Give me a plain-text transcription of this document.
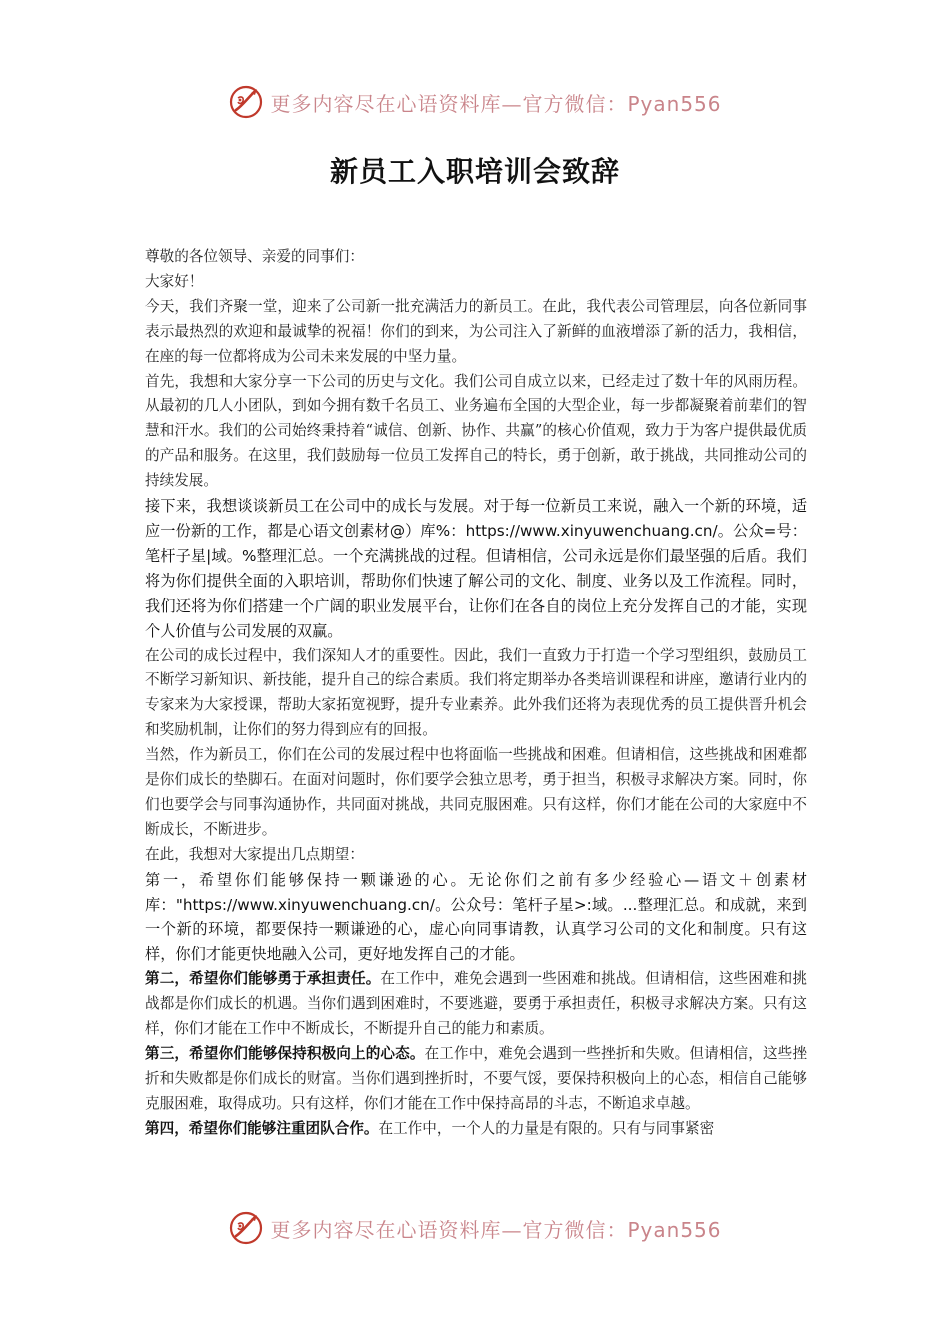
更多内容尽在心语资料库—官方微信：Pyan556
新员工入职培训会致辞

尊敬的各位领导、亲爱的同事们：

大家好！

今天，我们齐聚一堂，迎来了公司新一批充满活力的新员工。在此，我代表公司管理层，向各位新同事表示最热烈的欢迎和最诚挚的祝福！你们的到来，为公司注入了新鲜的血液增添了新的活力，我相信，在座的每一位都将成为公司未来发展的中坚力量。

首先，我想和大家分享一下公司的历史与文化。我们公司自成立以来，已经走过了数十年的风雨历程。从最初的几人小团队，到如今拥有数千名员工、业务遍布全国的大型企业，每一步都凝聚着前辈们的智慧和汗水。我们的公司始终秉持着“诚信、创新、协作、共赢”的核心价值观，致力于为客户提供最优质的产品和服务。在这里，我们鼓励每一位员工发挥自己的特长，勇于创新，敢于挑战，共同推动公司的持续发展。

接下来，我想谈谈新员工在公司中的成长与发展。对于每一位新员工来说，融入一个新的环境，适应一份新的工作，都是心语文创素材@）库%：https://www.xinyuwenchuang.cn/。公众=号：笔杆子星|域。%整理汇总。一个充满挑战的过程。但请相信，公司永远是你们最坚强的后盾。我们将为你们提供全面的入职培训，帮助你们快速了解公司的文化、制度、业务以及工作流程。同时，我们还将为你们搭建一个广阔的职业发展平台，让你们在各自的岗位上充分发挥自己的才能，实现个人价值与公司发展的双赢。

在公司的成长过程中，我们深知人才的重要性。因此，我们一直致力于打造一个学习型组织，鼓励员工不断学习新知识、新技能，提升自己的综合素质。我们将定期举办各类培训课程和讲座，邀请行业内的专家来为大家授课，帮助大家拓宽视野，提升专业素养。此外我们还将为表现优秀的员工提供晋升机会和奖励机制，让你们的努力得到应有的回报。

当然，作为新员工，你们在公司的发展过程中也将面临一些挑战和困难。但请相信，这些挑战和困难都是你们成长的垫脚石。在面对问题时，你们要学会独立思考，勇于担当，积极寻求解决方案。同时，你们也要学会与同事沟通协作，共同面对挑战，共同克服困难。只有这样，你们才能在公司的大家庭中不断成长，不断进步。

在此，我想对大家提出几点期望：

第一，希望你们能够保持一颗谦逊的心。无论你们之前有多少经验心—语文＋创素材库："https://www.xinyuwenchuang.cn/。公众号：笔杆子星>:域。...整理汇总。和成就，来到一个新的环境，都要保持一颗谦逊的心，虚心向同事请教，认真学习公司的文化和制度。只有这样，你们才能更快地融入公司，更好地发挥自己的才能。

第二，希望你们能够勇于承担责任。在工作中，难免会遇到一些困难和挑战。但请相信，这些困难和挑战都是你们成长的机遇。当你们遇到困难时，不要逃避，要勇于承担责任，积极寻求解决方案。只有这样，你们才能在工作中不断成长，不断提升自己的能力和素质。

第三，希望你们能够保持积极向上的心态。在工作中，难免会遇到一些挫折和失败。但请相信，这些挫折和失败都是你们成长的财富。当你们遇到挫折时，不要气馁，要保持积极向上的心态，相信自己能够克服困难，取得成功。只有这样，你们才能在工作中保持高昂的斗志，不断追求卓越。

第四，希望你们能够注重团队合作。在工作中，一个人的力量是有限的。只有与同事紧密

更多内容尽在心语资料库—官方微信：Pyan556
